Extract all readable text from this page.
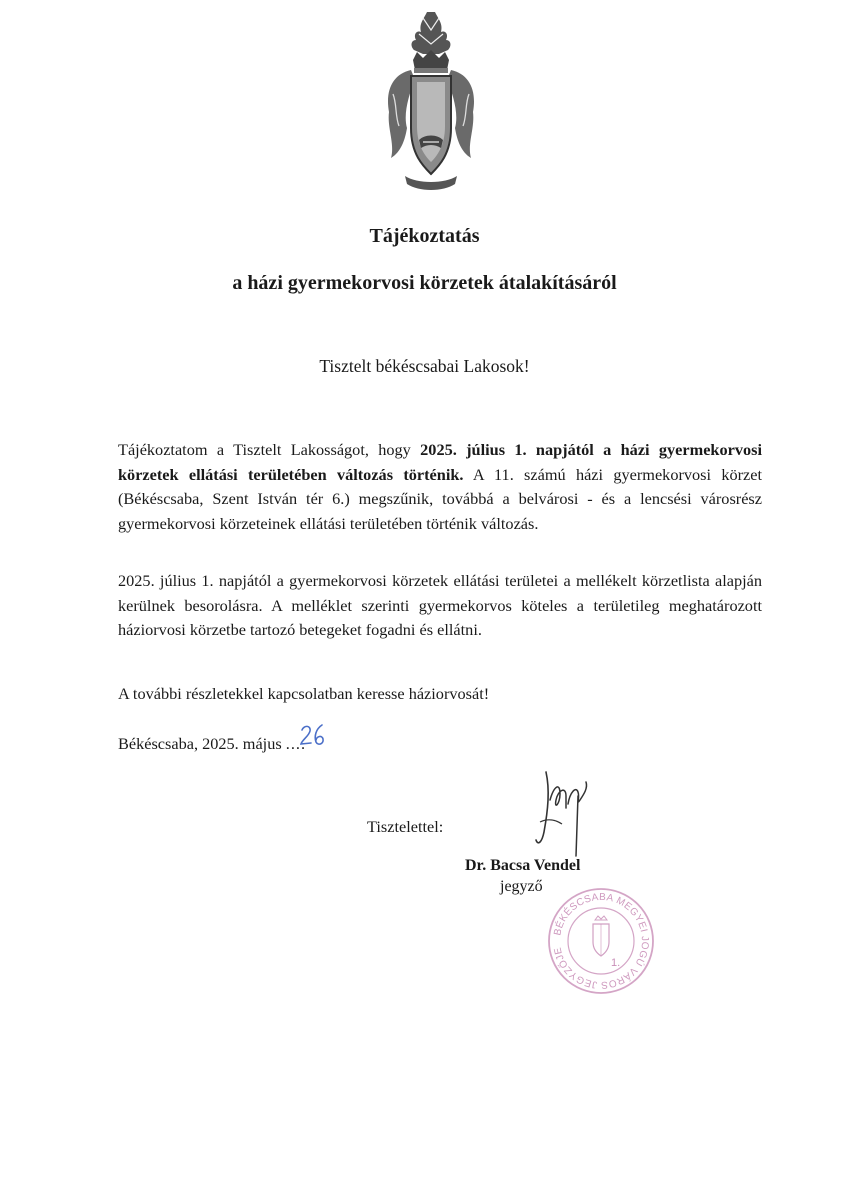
Tájékoztatás
a házi gyermekorvosi körzetek átalakításáról
Tisztelt békéscsabai Lakosok!

Tájékoztatom a Tisztelt Lakosságot, hogy 2025. július 1. napjától a házi gyermekorvosi körzetek ellátási területében változás történik. A 11. számú házi gyermekorvosi körzet (Békéscsaba, Szent István tér 6.) megszűnik, továbbá a belvárosi - és a lencsési városrész gyermekorvosi körzeteinek ellátási területében történik változás.

2025. július 1. napjától a gyermekorvosi körzetek ellátási területei a mellékelt körzetlista alapján kerülnek besorolásra. A melléklet szerinti gyermekorvos köteles a területileg meghatározott háziorvosi körzetbe tartozó betegeket fogadni és ellátni.

A további részletekkel kapcsolatban keresse háziorvosát!

Békéscsaba, 2025. május ....
Tisztelettel:
Dr. Bacsa Vendel
jegyző
BÉKÉSCSABA MEGYEI JOGÚ VÁROS JEGYZŐJE
1.
